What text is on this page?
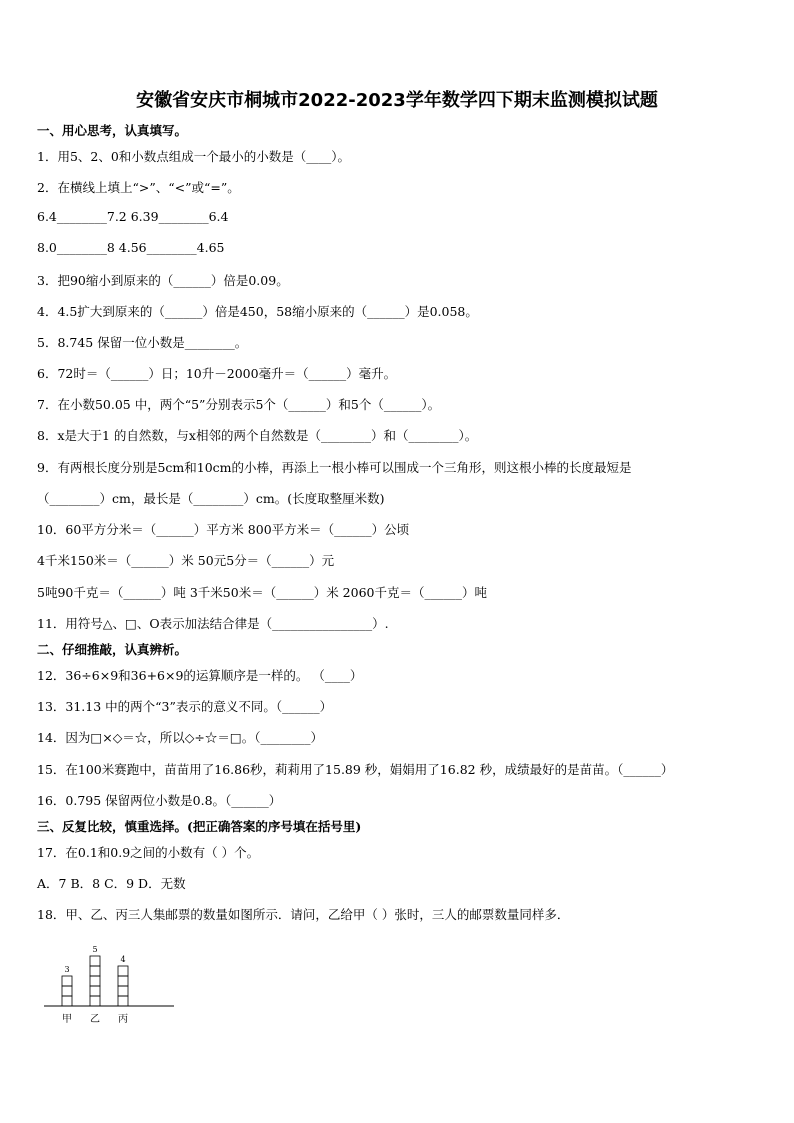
安徽省安庆市桐城市2022-2023学年数学四下期末监测模拟试题
一、用心思考，认真填写。
1．用5、2、0和小数点组成一个最小的小数是（____）。
2．在横线上填上“>”、“<”或“=”。
6.4________7.2 6.39________6.4
8.0________8 4.56________4.65
3．把90缩小到原来的（______）倍是0.09。
4．4.5扩大到原来的（______）倍是450，58缩小原来的（______）是0.058。
5．8.745 保留一位小数是________。
6．72时＝（______）日；10升－2000毫升＝（______）毫升。
7．在小数50.05 中，两个“5”分别表示5个（______）和5个（______）。
8．x是大于1 的自然数，与x相邻的两个自然数是（________）和（________）。
9．有两根长度分别是5cm和10cm的小棒，再添上一根小棒可以围成一个三角形，则这根小棒的长度最短是
（________）cm，最长是（________）cm。(长度取整厘米数)
10．60平方分米＝（______）平方米 800平方米＝（______）公顷
4千米150米＝（______）米 50元5分＝（______）元
5吨90千克＝（______）吨 3千米50米＝（______）米 2060千克＝（______）吨
11．用符号△、□、O表示加法结合律是（________________）.
二、仔细推敲，认真辨析。
12．36÷6×9和36+6×9的运算顺序是一样的。 （____）
13．31.13 中的两个“3”表示的意义不同。（______）
14．因为□×◇＝☆，所以◇÷☆＝□。（________）
15．在100米赛跑中，苗苗用了16.86秒，莉莉用了15.89 秒，娟娟用了16.82 秒，成绩最好的是苗苗。（______）
16．0.795 保留两位小数是0.8。（______）
三、反复比较，慎重选择。(把正确答案的序号填在括号里)
17．在0.1和0.9之间的小数有（ ）个。
A．7 B．8 C．9 D．无数
18．甲、乙、丙三人集邮票的数量如图所示．请问，乙给甲（ ）张时，三人的邮票数量同样多．
3
甲
5
乙
4
丙
